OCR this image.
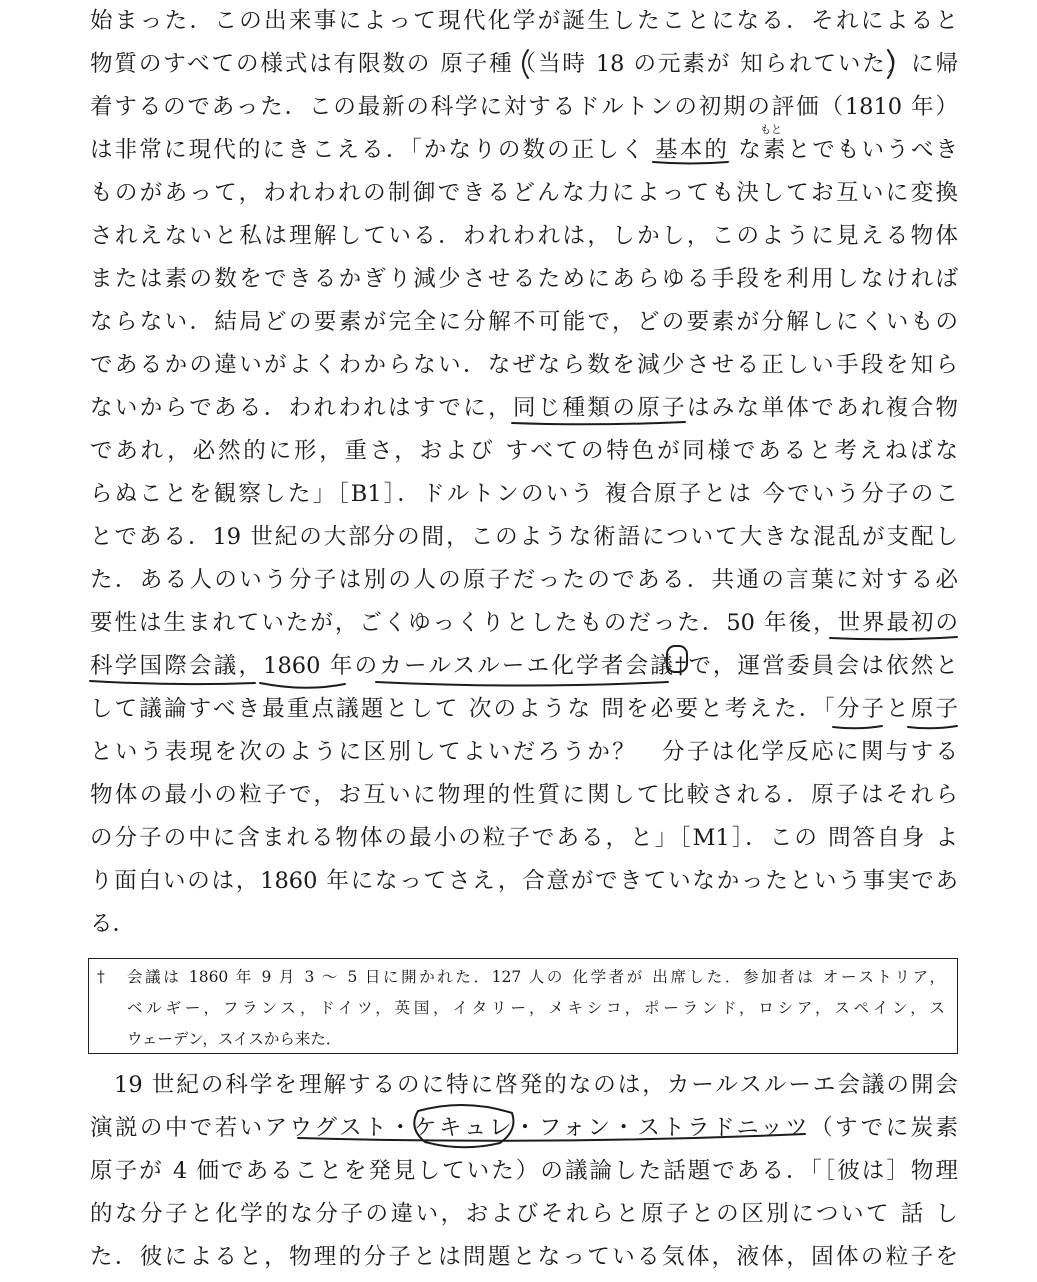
始まった．この出来事によって現代化学が誕生したことになる．それによると
物質のすべての様式は有限数の 原子種（当時 18 の元素が 知られていた）に帰
着するのであった．この最新の科学に対するドルトンの初期の評価（1810 年）
は非常に現代的にきこえる．「かなりの数の正しく 基本的 な素とでもいうべき
ものがあって，われわれの制御できるどんな力によっても決してお互いに変換
されえないと私は理解している．われわれは，しかし，このように見える物体
または素の数をできるかぎり減少させるためにあらゆる手段を利用しなければ
ならない．結局どの要素が完全に分解不可能で，どの要素が分解しにくいもの
であるかの違いがよくわからない．なぜなら数を減少させる正しい手段を知ら
ないからである．われわれはすでに，同じ種類の原子はみな単体であれ複合物
であれ，必然的に形，重さ，および すべての特色が同様であると考えねばな
らぬことを観察した」［B1］．ドルトンのいう 複合原子とは 今でいう分子のこ
とである．19 世紀の大部分の間，このような術語について大きな混乱が支配し
た．ある人のいう分子は別の人の原子だったのである．共通の言葉に対する必
要性は生まれていたが，ごくゆっくりとしたものだった．50 年後，世界最初の
科学国際会議，1860 年のカールスルーエ化学者会議†で，運営委員会は依然と
して議論すべき最重点議題として 次のような 問を必要と考えた．「分子と原子
という表現を次のように区別してよいだろうか？　分子は化学反応に関与する
物体の最小の粒子で，お互いに物理的性質に関して比較される．原子はそれら
の分子の中に含まれる物体の最小の粒子である，と」［M1］．この 問答自身 よ
り面白いのは，1860 年になってさえ，合意ができていなかったという事実であ
る．
†	会議は 1860 年 9 月 3 ～ 5 日に開かれた．127 人の 化学者が 出席した．参加者は オーストリア，
ベルギー，フランス，ドイツ，英国，イタリー，メキシコ，ポーランド，ロシア，スペイン，ス
ウェーデン，スイスから来た．
19 世紀の科学を理解するのに特に啓発的なのは，カールスルーエ会議の開会
演説の中で若いアウグスト・ケキュレ・フォン・ストラドニッツ（すでに炭素
原子が 4 価であることを発見していた）の議論した話題である．「［彼は］物理
的な分子と化学的な分子の違い，およびそれらと原子との区別について 話 し
た．彼によると，物理的分子とは問題となっている気体，液体，固体の粒子を
もと
